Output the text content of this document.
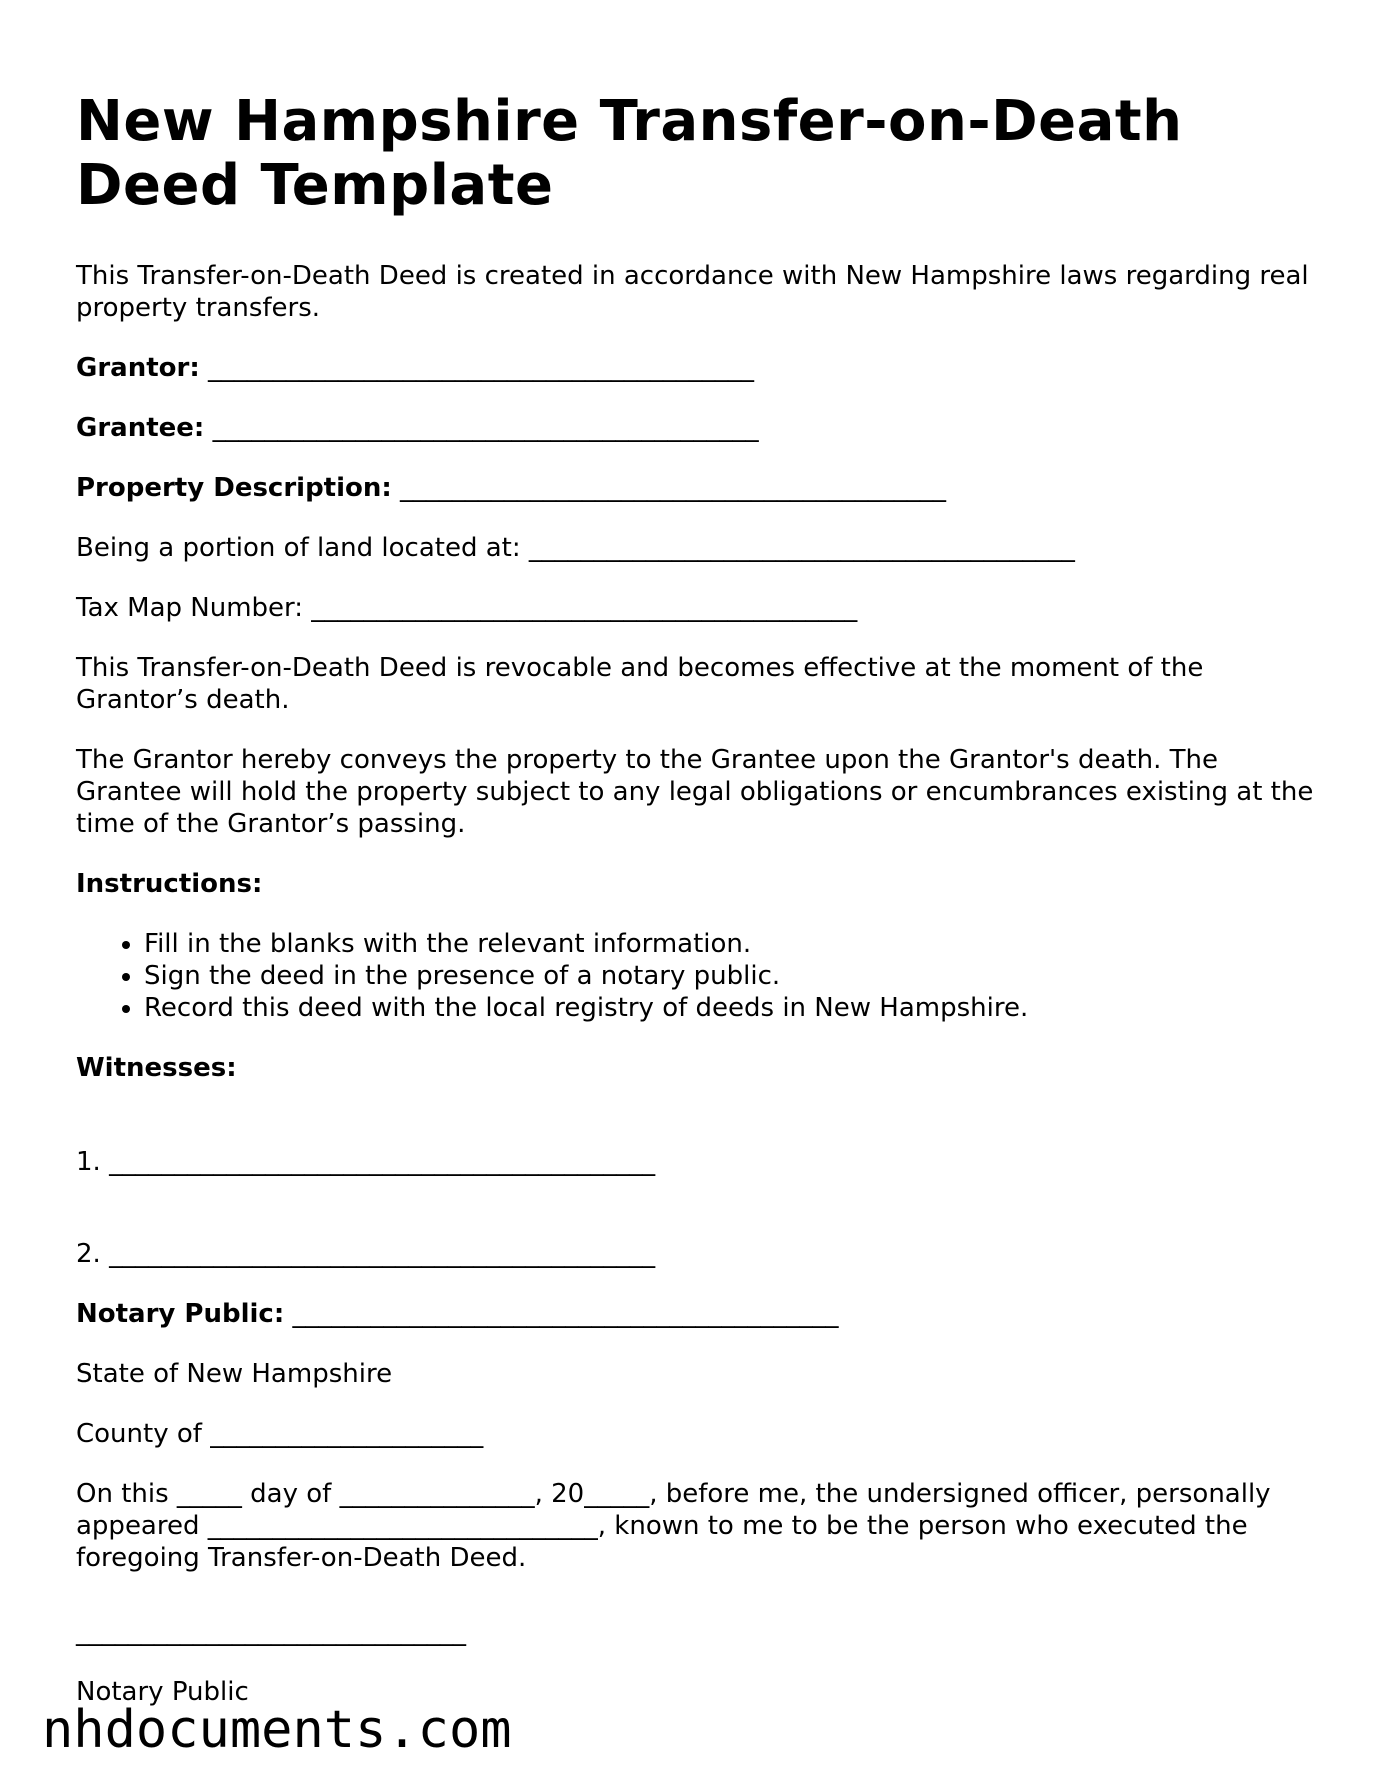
New Hampshire Transfer-on-Death Deed Template

This Transfer-on-Death Deed is created in accordance with New Hampshire laws regarding real property transfers.

Grantor: __________________________________________

Grantee: __________________________________________

Property Description: __________________________________________

Being a portion of land located at: __________________________________________

Tax Map Number: __________________________________________

This Transfer-on-Death Deed is revocable and becomes effective at the moment of the Grantor’s death.

The Grantor hereby conveys the property to the Grantee upon the Grantor's death. The Grantee will hold the property subject to any legal obligations or encumbrances existing at the time of the Grantor’s passing.

Instructions:

• Fill in the blanks with the relevant information.
• Sign the deed in the presence of a notary public.
• Record this deed with the local registry of deeds in New Hampshire.

Witnesses:

1. __________________________________________

2. __________________________________________

Notary Public: __________________________________________

State of New Hampshire

County of _____________________

On this _____ day of _______________, 20_____, before me, the undersigned officer, personally appeared ______________________________, known to me to be the person who executed the foregoing Transfer-on-Death Deed.

______________________________

Notary Public

nhdocuments.com
